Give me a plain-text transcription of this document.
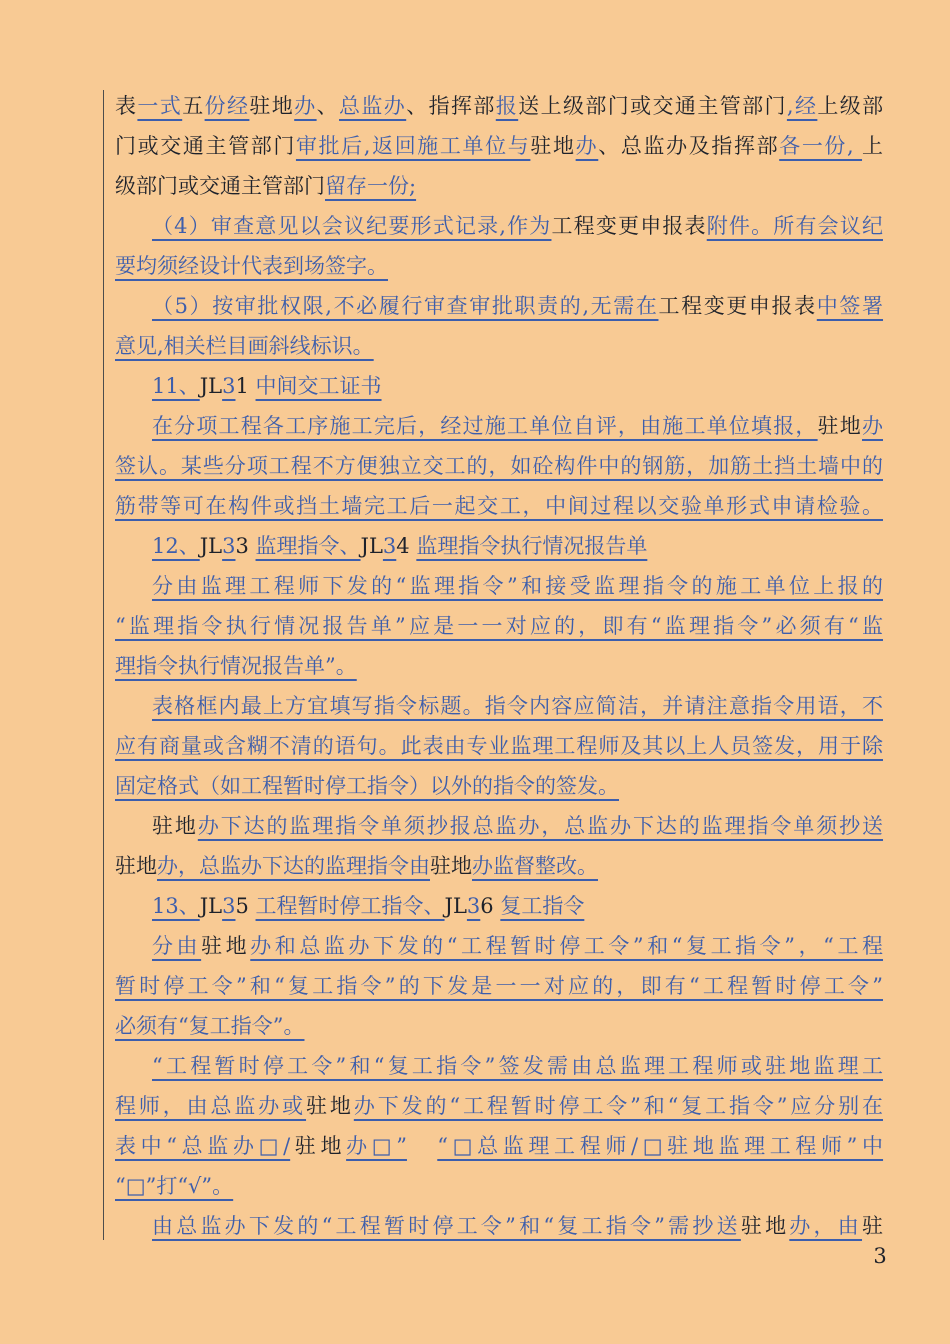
表一式五份经驻地办、总监办、指挥部报送上级部门或交通主管部门,经上级部
门或交通主管部门审批后,返回施工单位与驻地办、总监办及指挥部各一份, 上
级部门或交通主管部门留存一份;
（4）审查意见以会议纪要形式记录,作为工程变更申报表附件。所有会议纪
要均须经设计代表到场签字。
（5）按审批权限,不必履行审查审批职责的,无需在工程变更申报表中签署
意见,相关栏目画斜线标识。
11、JL31 中间交工证书
在分项工程各工序施工完后，经过施工单位自评，由施工单位填报，驻地办
签认。某些分项工程不方便独立交工的，如砼构件中的钢筋，加筋土挡土墙中的
筋带等可在构件或挡土墙完工后一起交工，中间过程以交验单形式申请检验。
12、JL33 监理指令、JL34 监理指令执行情况报告单
分由监理工程师下发的“监理指令”和接受监理指令的施工单位上报的
“监理指令执行情况报告单”应是一一对应的，即有“监理指令”必须有“监
理指令执行情况报告单”。
表格框内最上方宜填写指令标题。指令内容应简洁，并请注意指令用语，不
应有商量或含糊不清的语句。此表由专业监理工程师及其以上人员签发，用于除
固定格式（如工程暂时停工指令）以外的指令的签发。
驻地办下达的监理指令单须抄报总监办，总监办下达的监理指令单须抄送
驻地办，总监办下达的监理指令由驻地办监督整改。
13、JL35 工程暂时停工指令、JL36 复工指令
分由驻地办和总监办下发的“工程暂时停工令”和“复工指令”，“工程
暂时停工令”和“复工指令”的下发是一一对应的，即有“工程暂时停工令”
必须有“复工指令”。
“工程暂时停工令”和“复工指令”签发需由总监理工程师或驻地监理工
程师，由总监办或驻地办下发的“工程暂时停工令”和“复工指令”应分别在
表中“总监办□/驻地办□”　 “□总监理工程师/□驻地监理工程师”中
“□”打“√”。
由总监办下发的“工程暂时停工令”和“复工指令”需抄送驻地办，由驻
3
